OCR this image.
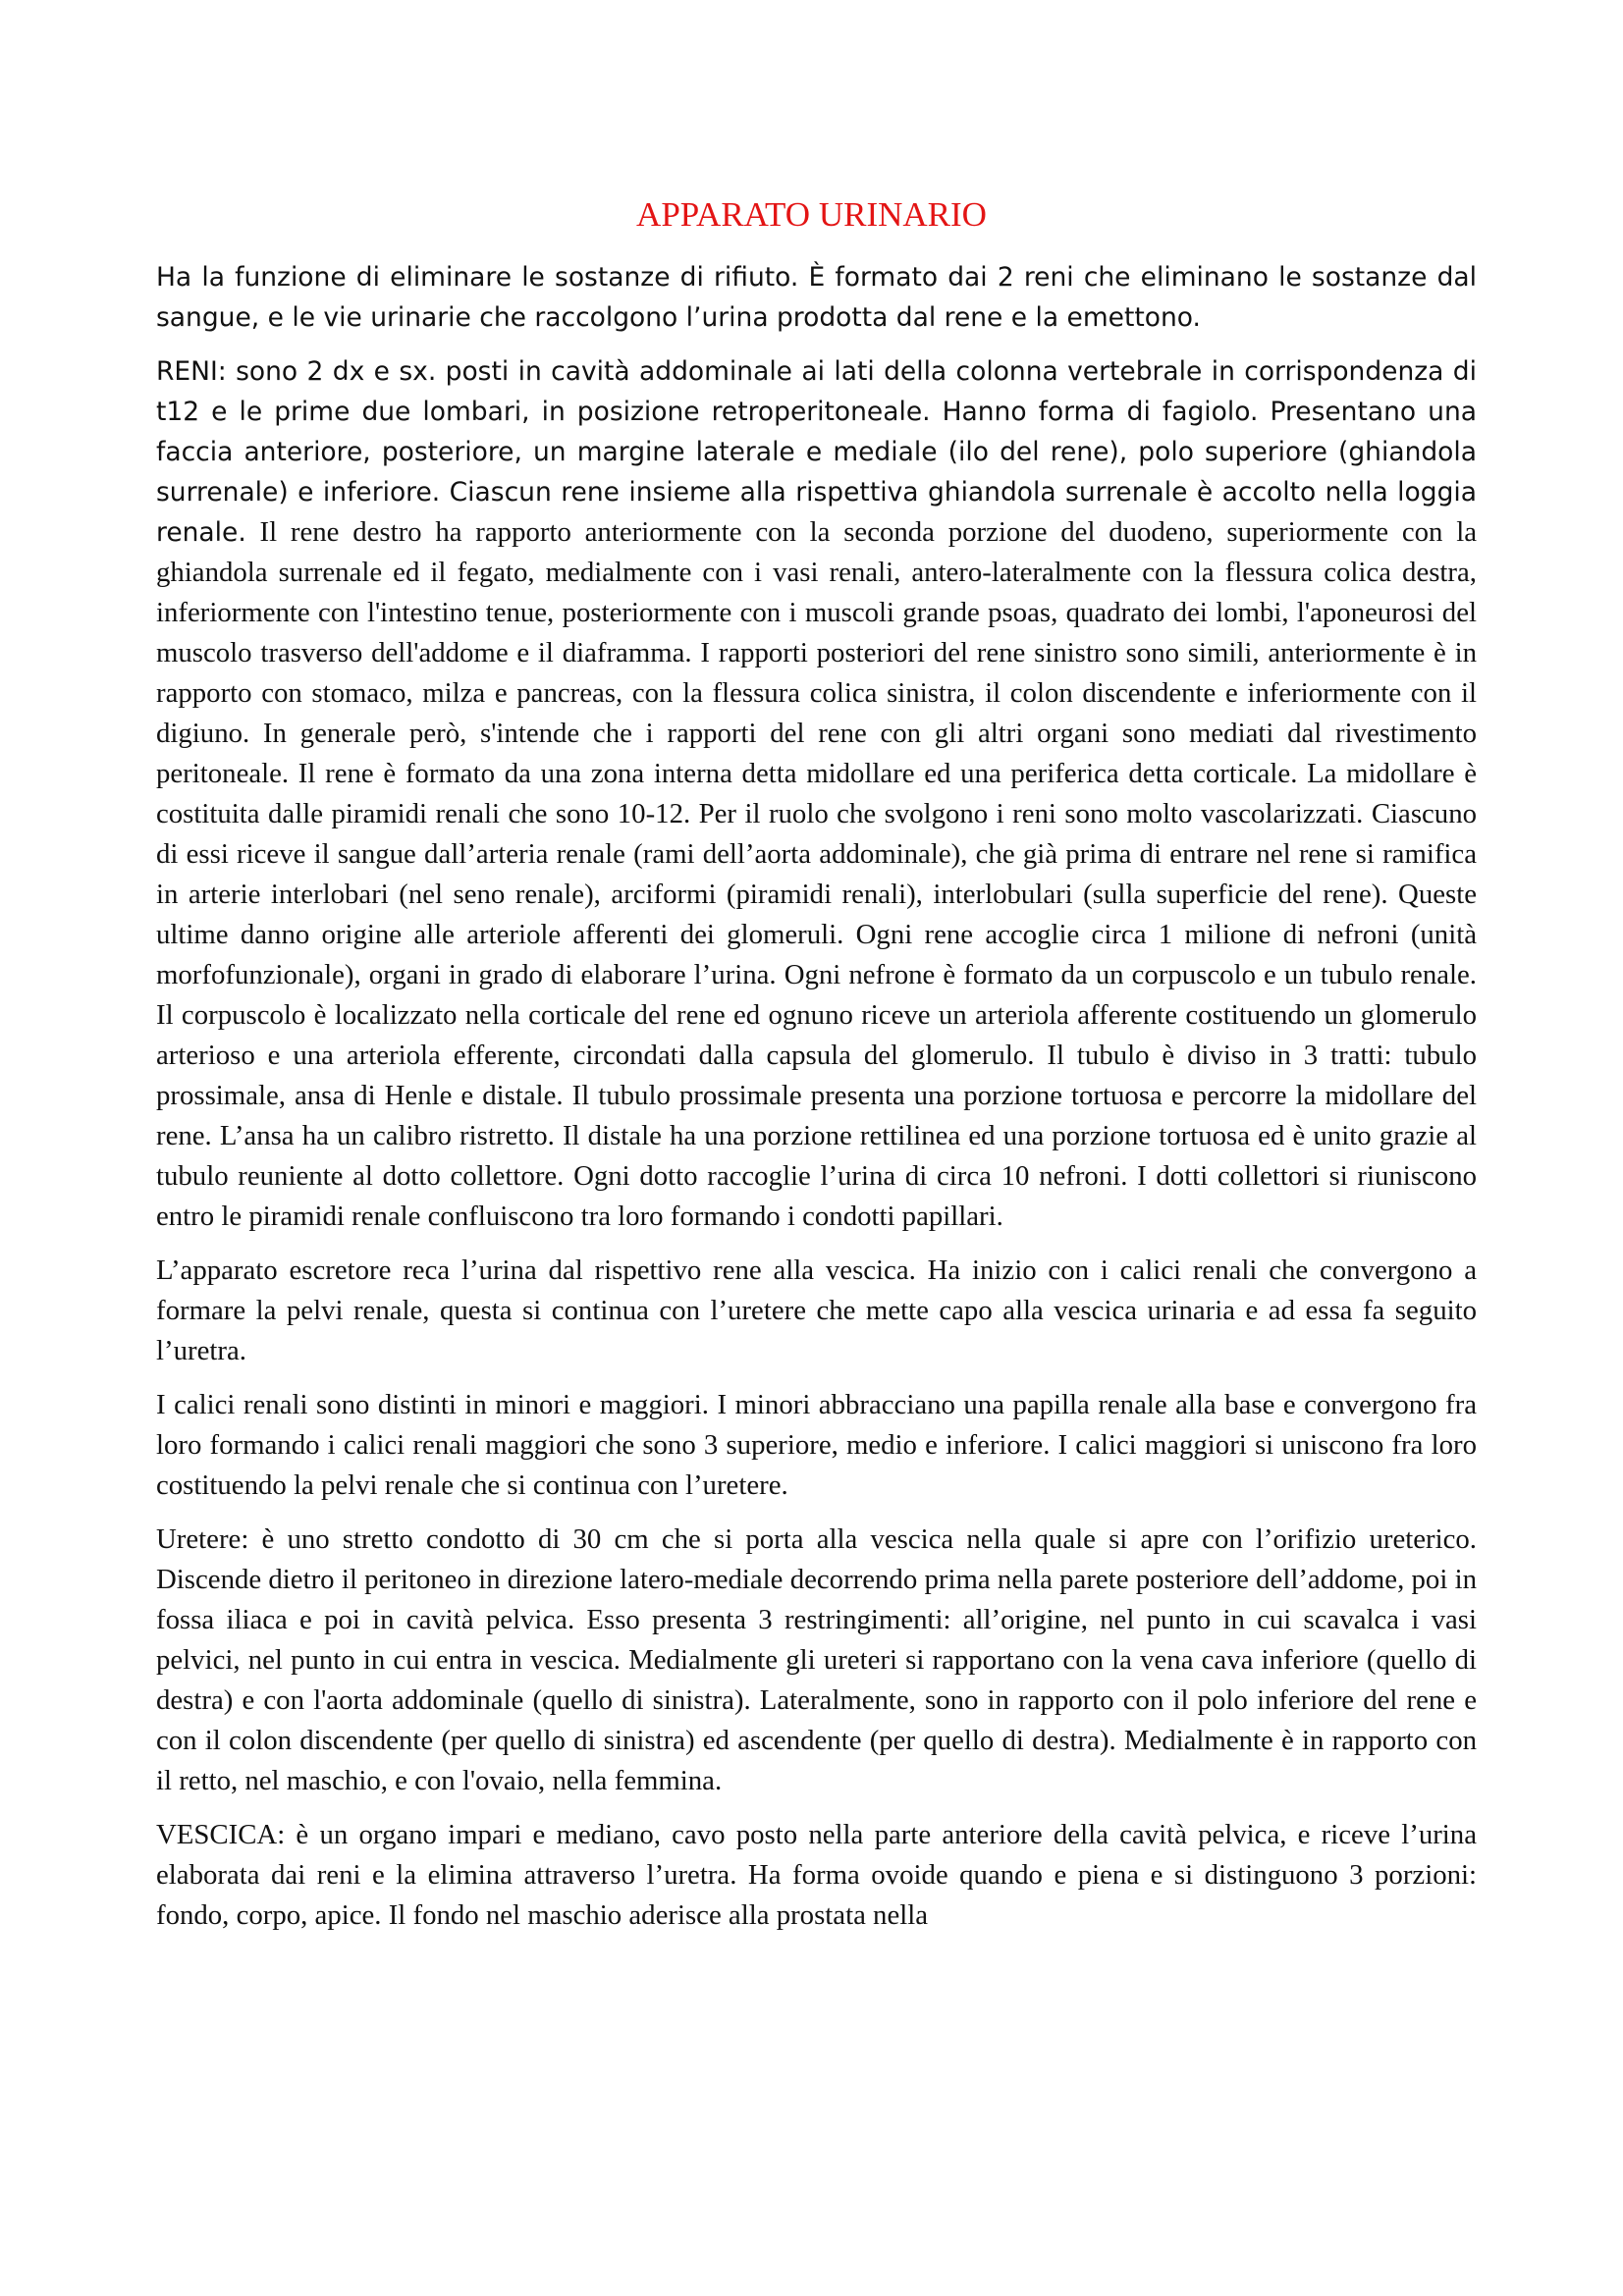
APPARATO URINARIO

Ha la funzione di eliminare le sostanze di rifiuto. È formato dai 2 reni che eliminano le sostanze dal sangue, e le vie urinarie che raccolgono l’urina prodotta dal rene e la emettono.

RENI: sono 2 dx e sx. posti in cavità addominale ai lati della colonna vertebrale in corrispondenza di t12 e le prime due lombari, in posizione retroperitoneale. Hanno forma di fagiolo. Presentano una faccia anteriore, posteriore, un margine laterale e mediale (ilo del rene), polo superiore (ghiandola surrenale) e inferiore. Ciascun rene insieme alla rispettiva ghiandola surrenale è accolto nella loggia renale. Il rene destro ha rapporto anteriormente con la seconda porzione del duodeno, superiormente con la ghiandola surrenale ed il fegato, medialmente con i vasi renali, antero-lateralmente con la flessura colica destra, inferiormente con l'intestino tenue, posteriormente con i muscoli grande psoas, quadrato dei lombi, l'aponeurosi del muscolo trasverso dell'addome e il diaframma. I rapporti posteriori del rene sinistro sono simili, anteriormente è in rapporto con stomaco, milza e pancreas, con la flessura colica sinistra, il colon discendente e inferiormente con il digiuno. In generale però, s'intende che i rapporti del rene con gli altri organi sono mediati dal rivestimento peritoneale. Il rene è formato da una zona interna detta midollare ed una periferica detta corticale. La midollare è costituita dalle piramidi renali che sono 10-12. Per il ruolo che svolgono i reni sono molto vascolarizzati. Ciascuno di essi riceve il sangue dall’arteria renale (rami dell’aorta addominale), che già prima di entrare nel rene si ramifica in arterie interlobari (nel seno renale), arciformi (piramidi renali), interlobulari (sulla superficie del rene). Queste ultime danno origine alle arteriole afferenti dei glomeruli. Ogni rene accoglie circa 1 milione di nefroni (unità morfofunzionale), organi in grado di elaborare l’urina. Ogni nefrone è formato da un corpuscolo e un tubulo renale. Il corpuscolo è localizzato nella corticale del rene ed ognuno riceve un arteriola afferente costituendo un glomerulo arterioso e una arteriola efferente, circondati dalla capsula del glomerulo. Il tubulo è diviso in 3 tratti: tubulo prossimale, ansa di Henle e distale. Il tubulo prossimale presenta una porzione tortuosa e percorre la midollare del rene. L’ansa ha un calibro ristretto. Il distale ha una porzione rettilinea ed una porzione tortuosa ed è unito grazie al tubulo reuniente al dotto collettore. Ogni dotto raccoglie l’urina di circa 10 nefroni. I dotti collettori si riuniscono entro le piramidi renale confluiscono tra loro formando i condotti papillari.

L’apparato escretore reca l’urina dal rispettivo rene alla vescica. Ha inizio con i calici renali che convergono a formare la pelvi renale, questa si continua con l’uretere che mette capo alla vescica urinaria e ad essa fa seguito l’uretra.

I calici renali sono distinti in minori e maggiori. I minori abbracciano una papilla renale alla base e convergono fra loro formando i calici renali maggiori che sono 3 superiore, medio e inferiore. I calici maggiori si uniscono fra loro costituendo la pelvi renale che si continua con l’uretere.

Uretere: è uno stretto condotto di 30 cm che si porta alla vescica nella quale si apre con l’orifizio ureterico. Discende dietro il peritoneo in direzione latero-mediale decorrendo prima nella parete posteriore dell’addome, poi in fossa iliaca e poi in cavità pelvica. Esso presenta 3 restringimenti: all’origine, nel punto in cui scavalca i vasi pelvici, nel punto in cui entra in vescica. Medialmente gli ureteri si rapportano con la vena cava inferiore (quello di destra) e con l'aorta addominale (quello di sinistra). Lateralmente, sono in rapporto con il polo inferiore del rene e con il colon discendente (per quello di sinistra) ed ascendente (per quello di destra). Medialmente è in rapporto con il retto, nel maschio, e con l'ovaio, nella femmina.

VESCICA: è un organo impari e mediano, cavo posto nella parte anteriore della cavità pelvica, e riceve l’urina elaborata dai reni e la elimina attraverso l’uretra. Ha forma ovoide quando e piena e si distinguono 3 porzioni: fondo, corpo, apice. Il fondo nel maschio aderisce alla prostata nella
